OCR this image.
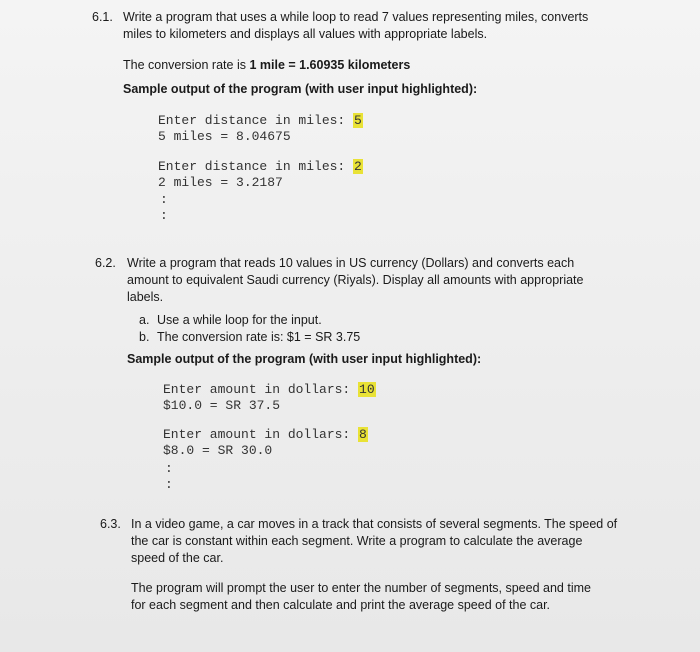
6.1. Write a program that uses a while loop to read 7 values representing miles, converts
miles to kilometers and displays all values with appropriate labels.
The conversion rate is 1 mile = 1.60935 kilometers
Sample output of the program (with user input highlighted):
Enter distance in miles: 5
5 miles = 8.04675
Enter distance in miles: 2
2 miles = 3.2187
:
:
6.2. Write a program that reads 10 values in US currency (Dollars) and converts each
amount to equivalent Saudi currency (Riyals). Display all amounts with appropriate
labels.
a. Use a while loop for the input.
b. The conversion rate is: $1 = SR 3.75
Sample output of the program (with user input highlighted):
Enter amount in dollars: 10
$10.0 = SR 37.5
Enter amount in dollars: 8
$8.0 = SR 30.0
:
:
6.3. In a video game, a car moves in a track that consists of several segments. The speed of
the car is constant within each segment. Write a program to calculate the average
speed of the car.
The program will prompt the user to enter the number of segments, speed and time
for each segment and then calculate and print the average speed of the car.
